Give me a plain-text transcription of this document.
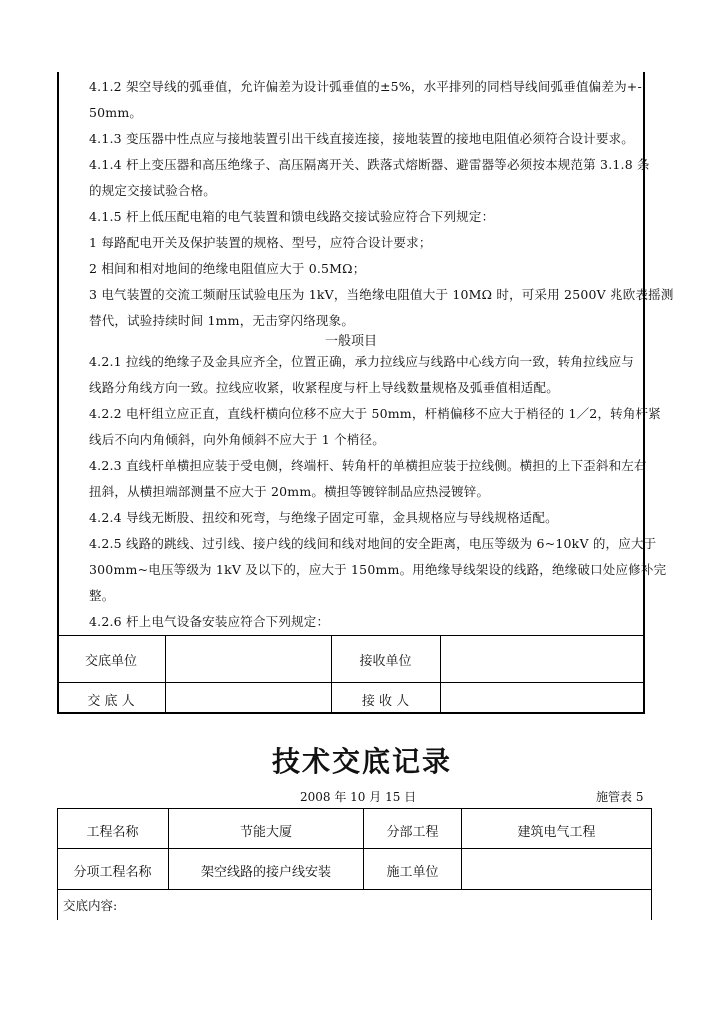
4.1.2 架空导线的弧垂值，允许偏差为设计弧垂值的±5%，水平排列的同档导线间弧垂值偏差为+-
50mm。
4.1.3 变压器中性点应与接地装置引出干线直接连接，接地装置的接地电阻值必须符合设计要求。
4.1.4 杆上变压器和高压绝缘子、高压隔离开关、跌落式熔断器、避雷器等必须按本规范第 3.1.8 条
的规定交接试验合格。
4.1.5 杆上低压配电箱的电气装置和馈电线路交接试验应符合下列规定：
1 每路配电开关及保护装置的规格、型号，应符合设计要求；
2 相间和相对地间的绝缘电阻值应大于 0.5MΩ；
3 电气装置的交流工频耐压试验电压为 1kV，当绝缘电阻值大于 10MΩ 时，可采用 2500V 兆欧表摇测
替代，试验持续时间 1mm，无击穿闪络现象。
一般项目
4.2.1 拉线的绝缘子及金具应齐全，位置正确，承力拉线应与线路中心线方向一致，转角拉线应与
线路分角线方向一致。拉线应收紧，收紧程度与杆上导线数量规格及弧垂值相适配。
4.2.2 电杆组立应正直，直线杆横向位移不应大于 50mm，杆梢偏移不应大于梢径的 1／2，转角杆紧
线后不向内角倾斜，向外角倾斜不应大于 1 个梢径。
4.2.3 直线杆单横担应装于受电侧，终端杆、转角杆的单横担应装于拉线侧。横担的上下歪斜和左右
扭斜，从横担端部测量不应大于 20mm。横担等镀锌制品应热浸镀锌。
4.2.4 导线无断股、扭绞和死弯，与绝缘子固定可靠，金具规格应与导线规格适配。
4.2.5 线路的跳线、过引线、接户线的线间和线对地间的安全距离，电压等级为 6~10kV 的，应大于
300mm~电压等级为 1kV 及以下的，应大于 150mm。用绝缘导线架设的线路，绝缘破口处应修补完
整。
4.2.6 杆上电气设备安装应符合下列规定：
交底单位	接收单位
交 底 人	接 收 人
技术交底记录
2008 年 10 月 15 日	施管表 5
工程名称	节能大厦	分部工程	建筑电气工程
分项工程名称	架空线路的接户线安装	施工单位
交底内容:
